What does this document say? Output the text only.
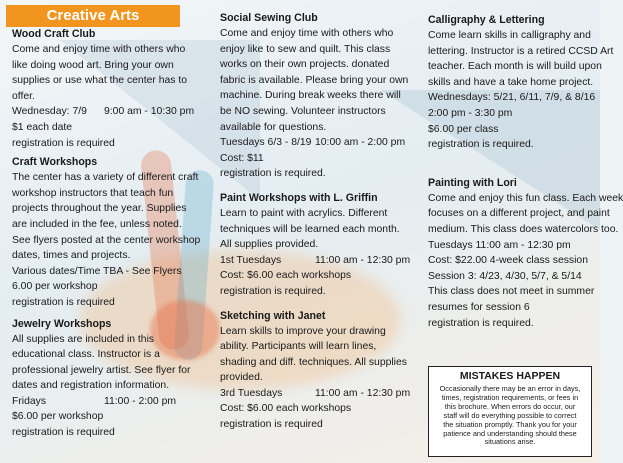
Creative Arts
Wood Craft Club
Come and enjoy time with others who
like doing wood art. Bring your own
supplies or use what the center has to
offer.
Wednesday: 7/9	9:00 am - 10:30 pm
$1 each date
registration is required
Craft Workshops
The center has a variety of different craft
workshop instructors that teach fun
projects throughout the year. Supplies
are included in the fee, unless noted.
See flyers posted at the center workshop
dates, times and projects.
Various dates/Time TBA - See Flyers
6.00 per workshop
registration is required
Jewelry Workshops
All supplies are included in this
educational class. Instructor is a
professional jewelry artist. See flyer for
dates and registration information.
Fridays	11:00 - 2:00 pm
$6.00 per workshop
registration is required
Social Sewing Club
Come and enjoy time with others who
enjoy like to sew and quilt. This class
works on their own projects. donated
fabric is available. Please bring your own
machine. During break weeks there will
be NO sewing. Volunteer instructors
available for questions.
Tuesdays 6/3 - 8/19 10:00 am - 2:00 pm
Cost: $11
registration is required.
Paint Workshops with L. Griffin
Learn to paint with acrylics. Different
techniques will be learned each month.
All supplies provided.
1st Tuesdays	11:00 am - 12:30 pm
Cost: $6.00 each workshops
registration is required.
Sketching with Janet
Learn skills to improve your drawing
ability. Participants will learn lines,
shading and diff. techniques. All supplies
provided.
3rd Tuesdays	11:00 am - 12:30 pm
Cost: $6.00 each workshops
registration is required
Calligraphy & Lettering
Come learn skills in calligraphy and
lettering. Instructor is a retired CCSD Art
teacher. Each month is will build upon
skills and have a take home project.
Wednesdays: 5/21, 6/11, 7/9, & 8/16
2:00 pm - 3:30 pm
$6.00 per class
registration is required.
Painting with Lori
Come and enjoy this fun class. Each week
focuses on a different project, and paint
medium. This class does watercolors too.
Tuesdays 11:00 am - 12:30 pm
Cost: $22.00 4-week class session
Session 3: 4/23, 4/30, 5/7, & 5/14
This class does not meet in summer
resumes for session 6
registration is required.
MISTAKES HAPPEN
Occasionally there may be an error in days,
times, registration requirements, or fees in
this brochure. When errors do occur, our
staff will do everything possible to correct
the situation promptly. Thank you for your
patience and understanding should these
situations arise.
